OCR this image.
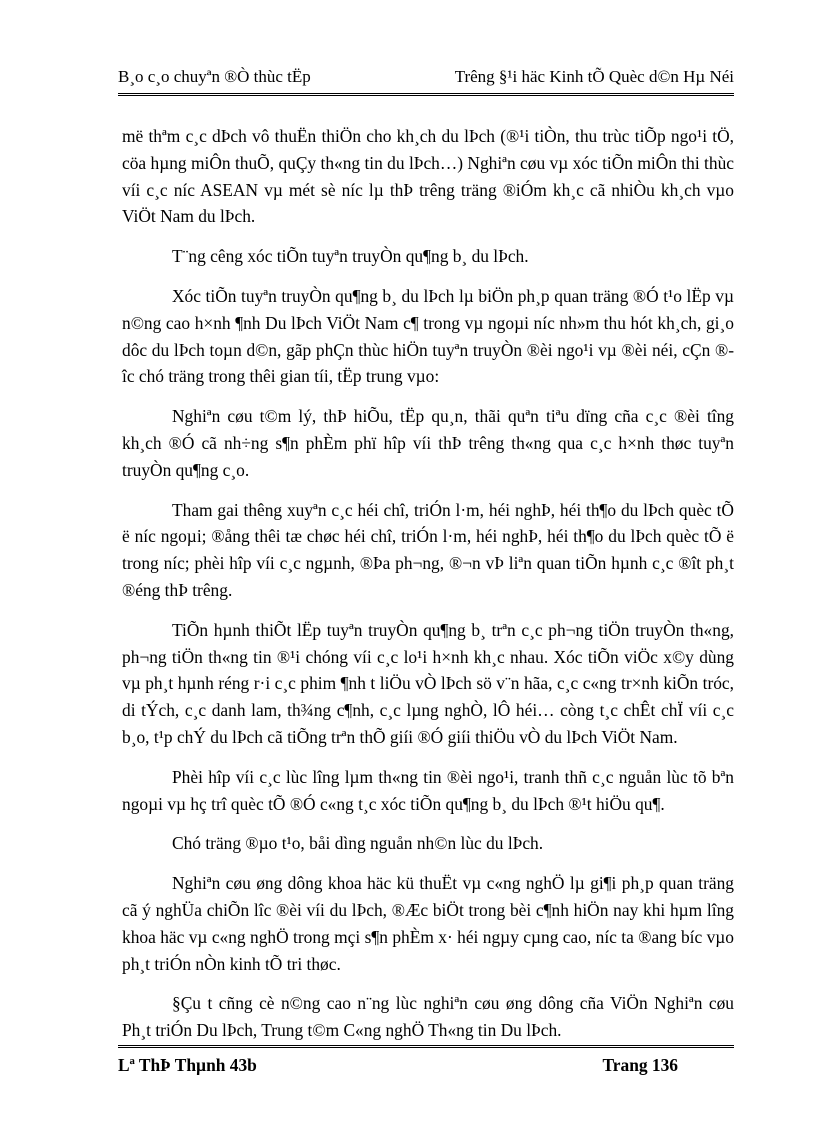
B¸o c¸o chuyªn ®Ò thùc tËp	Trêng §¹i häc Kinh tÕ Quèc d©n Hµ Néi

më thªm c¸c dÞch vô thuËn thiÖn cho kh¸ch du lÞch (®¹i tiÒn, thu trùc tiÕp ngo¹i tÖ, cöa hµng miÔn thuÕ, quÇy th«ng tin du lÞch…) Nghiªn cøu vµ xóc tiÕn miÔn thi thùc víi c¸c níc ASEAN vµ mét sè níc lµ thÞ trêng träng ®iÓm kh¸c cã nhiÒu kh¸ch vµo ViÖt Nam du lÞch.

T¨ng cêng xóc tiÕn tuyªn truyÒn qu¶ng b¸ du lÞch.

Xóc tiÕn tuyªn truyÒn qu¶ng b¸ du lÞch lµ biÖn ph¸p quan träng ®Ó t¹o lËp vµ n©ng cao h×nh ¶nh Du lÞch ViÖt Nam c¶ trong vµ ngoµi níc nh»m thu hót kh¸ch, gi¸o dôc du lÞch toµn d©n, gãp phÇn thùc hiÖn tuyªn truyÒn ®èi ngo¹i vµ ®èi néi, cÇn ®îc chó träng trong thêi gian tíi, tËp trung vµo:

Nghiªn cøu t©m lý, thÞ hiÕu, tËp qu¸n, thãi quªn tiªu dïng cña c¸c ®èi tîng kh¸ch ®Ó cã nh÷ng s¶n phÈm phï hîp víi thÞ trêng th«ng qua c¸c h×nh thøc tuyªn truyÒn qu¶ng c¸o.

Tham gai thêng xuyªn c¸c héi chî, triÓn l·m, héi nghÞ, héi th¶o du lÞch quèc tÕ ë níc ngoµi; ®ång thêi tæ chøc héi chî, triÓn l·m, héi nghÞ, héi th¶o du lÞch quèc tÕ ë trong níc; phèi hîp víi c¸c ngµnh, ®Þa ph¬ng, ®¬n vÞ liªn quan tiÕn hµnh c¸c ®ît ph¸t ®éng thÞ trêng.

TiÕn hµnh thiÕt lËp tuyªn truyÒn qu¶ng b¸ trªn c¸c ph¬ng tiÖn truyÒn th«ng, ph¬ng tiÖn th«ng tin ®¹i chóng víi c¸c lo¹i h×nh kh¸c nhau. Xóc tiÕn viÖc x©y dùng vµ ph¸t hµnh réng r·i c¸c phim ¶nh t liÖu vÒ lÞch sö v¨n hãa, c¸c c«ng tr×nh kiÕn tróc, di tÝch, c¸c danh lam, th¾ng c¶nh, c¸c lµng nghÒ, lÔ héi… còng t¸c chÊt chÏ víi c¸c b¸o, t¹p chÝ du lÞch cã tiÕng trªn thÕ giíi ®Ó giíi thiÖu vÒ du lÞch ViÖt Nam.

Phèi hîp víi c¸c lùc lîng lµm th«ng tin ®èi ngo¹i, tranh thñ c¸c nguån lùc tõ bªn ngoµi vµ hç trî quèc tÕ ®Ó c«ng t¸c xóc tiÕn qu¶ng b¸ du lÞch ®¹t hiÖu qu¶.

Chó träng ®µo t¹o, båi dìng nguån nh©n lùc du lÞch.

Nghiªn cøu øng dông khoa häc kü thuËt vµ c«ng nghÖ lµ gi¶i ph¸p quan träng cã ý nghÜa chiÕn lîc ®èi víi du lÞch, ®Æc biÖt trong bèi c¶nh hiÖn nay khi hµm lîng khoa häc vµ c«ng nghÖ trong mçi s¶n phÈm x· héi ngµy cµng cao, níc ta ®ang bíc vµo ph¸t triÓn nÒn kinh tÕ tri thøc.

§Çu t cñng cè n©ng cao n¨ng lùc nghiªn cøu øng dông cña ViÖn Nghiªn cøu Ph¸t triÓn Du lÞch, Trung t©m C«ng nghÖ Th«ng tin Du lÞch.

Lª ThÞ Thµnh 43b	Trang 136
